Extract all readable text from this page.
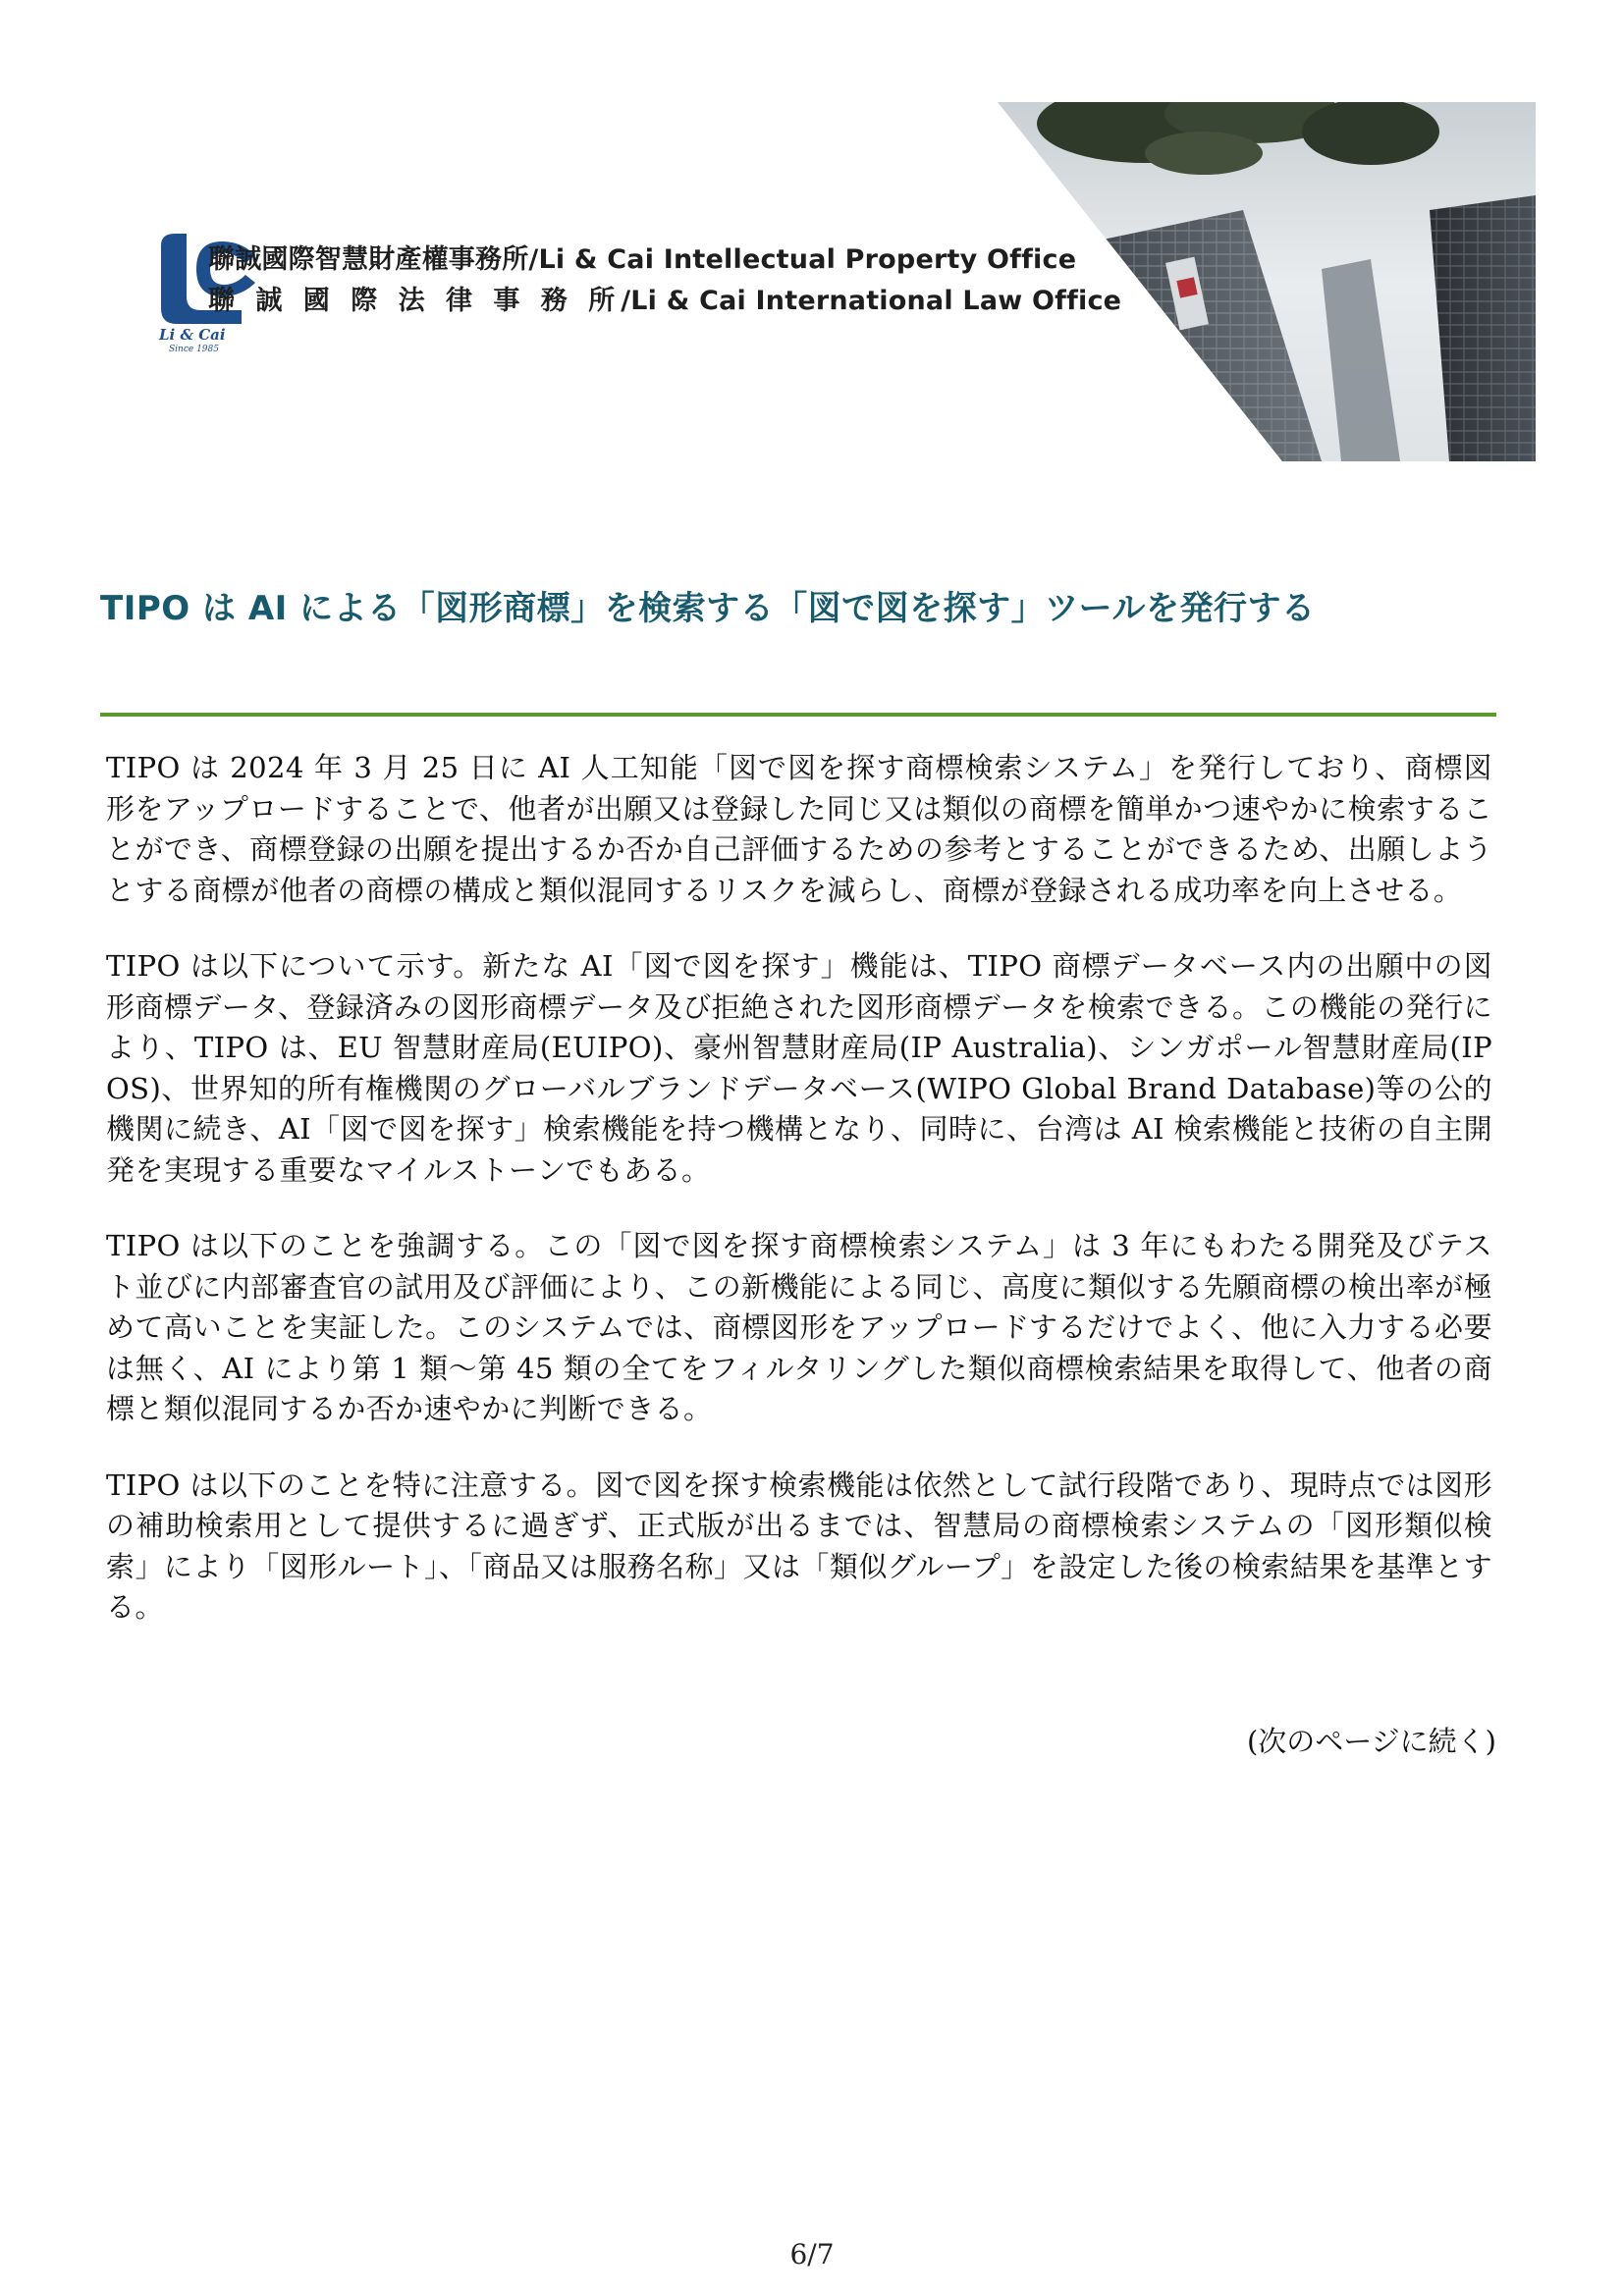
Li & Cai
Since 1985
聯誠國際智慧財產權事務所/Li & Cai Intellectual Property Office
聯 誠 國 際 法 律 事 務 所/Li & Cai International Law Office
TIPO は AI による「図形商標」を検索する「図で図を探す」ツールを発行する

TIPO は 2024 年 3 月 25 日に AI 人工知能「図で図を探す商標検索システム」を発行しており、商標図形をアップロードすることで、他者が出願又は登録した同じ又は類似の商標を簡単かつ速やかに検索することができ、商標登録の出願を提出するか否か自己評価するための参考とすることができるため、出願しようとする商標が他者の商標の構成と類似混同するリスクを減らし、商標が登録される成功率を向上させる。

TIPO は以下について示す。新たな AI「図で図を探す」機能は、TIPO 商標データベース内の出願中の図形商標データ、登録済みの図形商標データ及び拒絶された図形商標データを検索できる。この機能の発行により、TIPO は、EU 智慧財産局(EUIPO)、豪州智慧財産局(IP Australia)、シンガポール智慧財産局(IPOS)、世界知的所有権機関のグローバルブランドデータベース(WIPO Global Brand Database)等の公的機関に続き、AI「図で図を探す」検索機能を持つ機構となり、同時に、台湾は AI 検索機能と技術の自主開発を実現する重要なマイルストーンでもある。

TIPO は以下のことを強調する。この「図で図を探す商標検索システム」は 3 年にもわたる開発及びテスト並びに内部審査官の試用及び評価により、この新機能による同じ、高度に類似する先願商標の検出率が極めて高いことを実証した。このシステムでは、商標図形をアップロードするだけでよく、他に入力する必要は無く、AI により第 1 類〜第 45 類の全てをフィルタリングした類似商標検索結果を取得して、他者の商標と類似混同するか否か速やかに判断できる。

TIPO は以下のことを特に注意する。図で図を探す検索機能は依然として試行段階であり、現時点では図形の補助検索用として提供するに過ぎず、正式版が出るまでは、智慧局の商標検索システムの「図形類似検索」により「図形ルート」、「商品又は服務名称」又は「類似グループ」を設定した後の検索結果を基準とする。

(次のページに続く)
6/7
